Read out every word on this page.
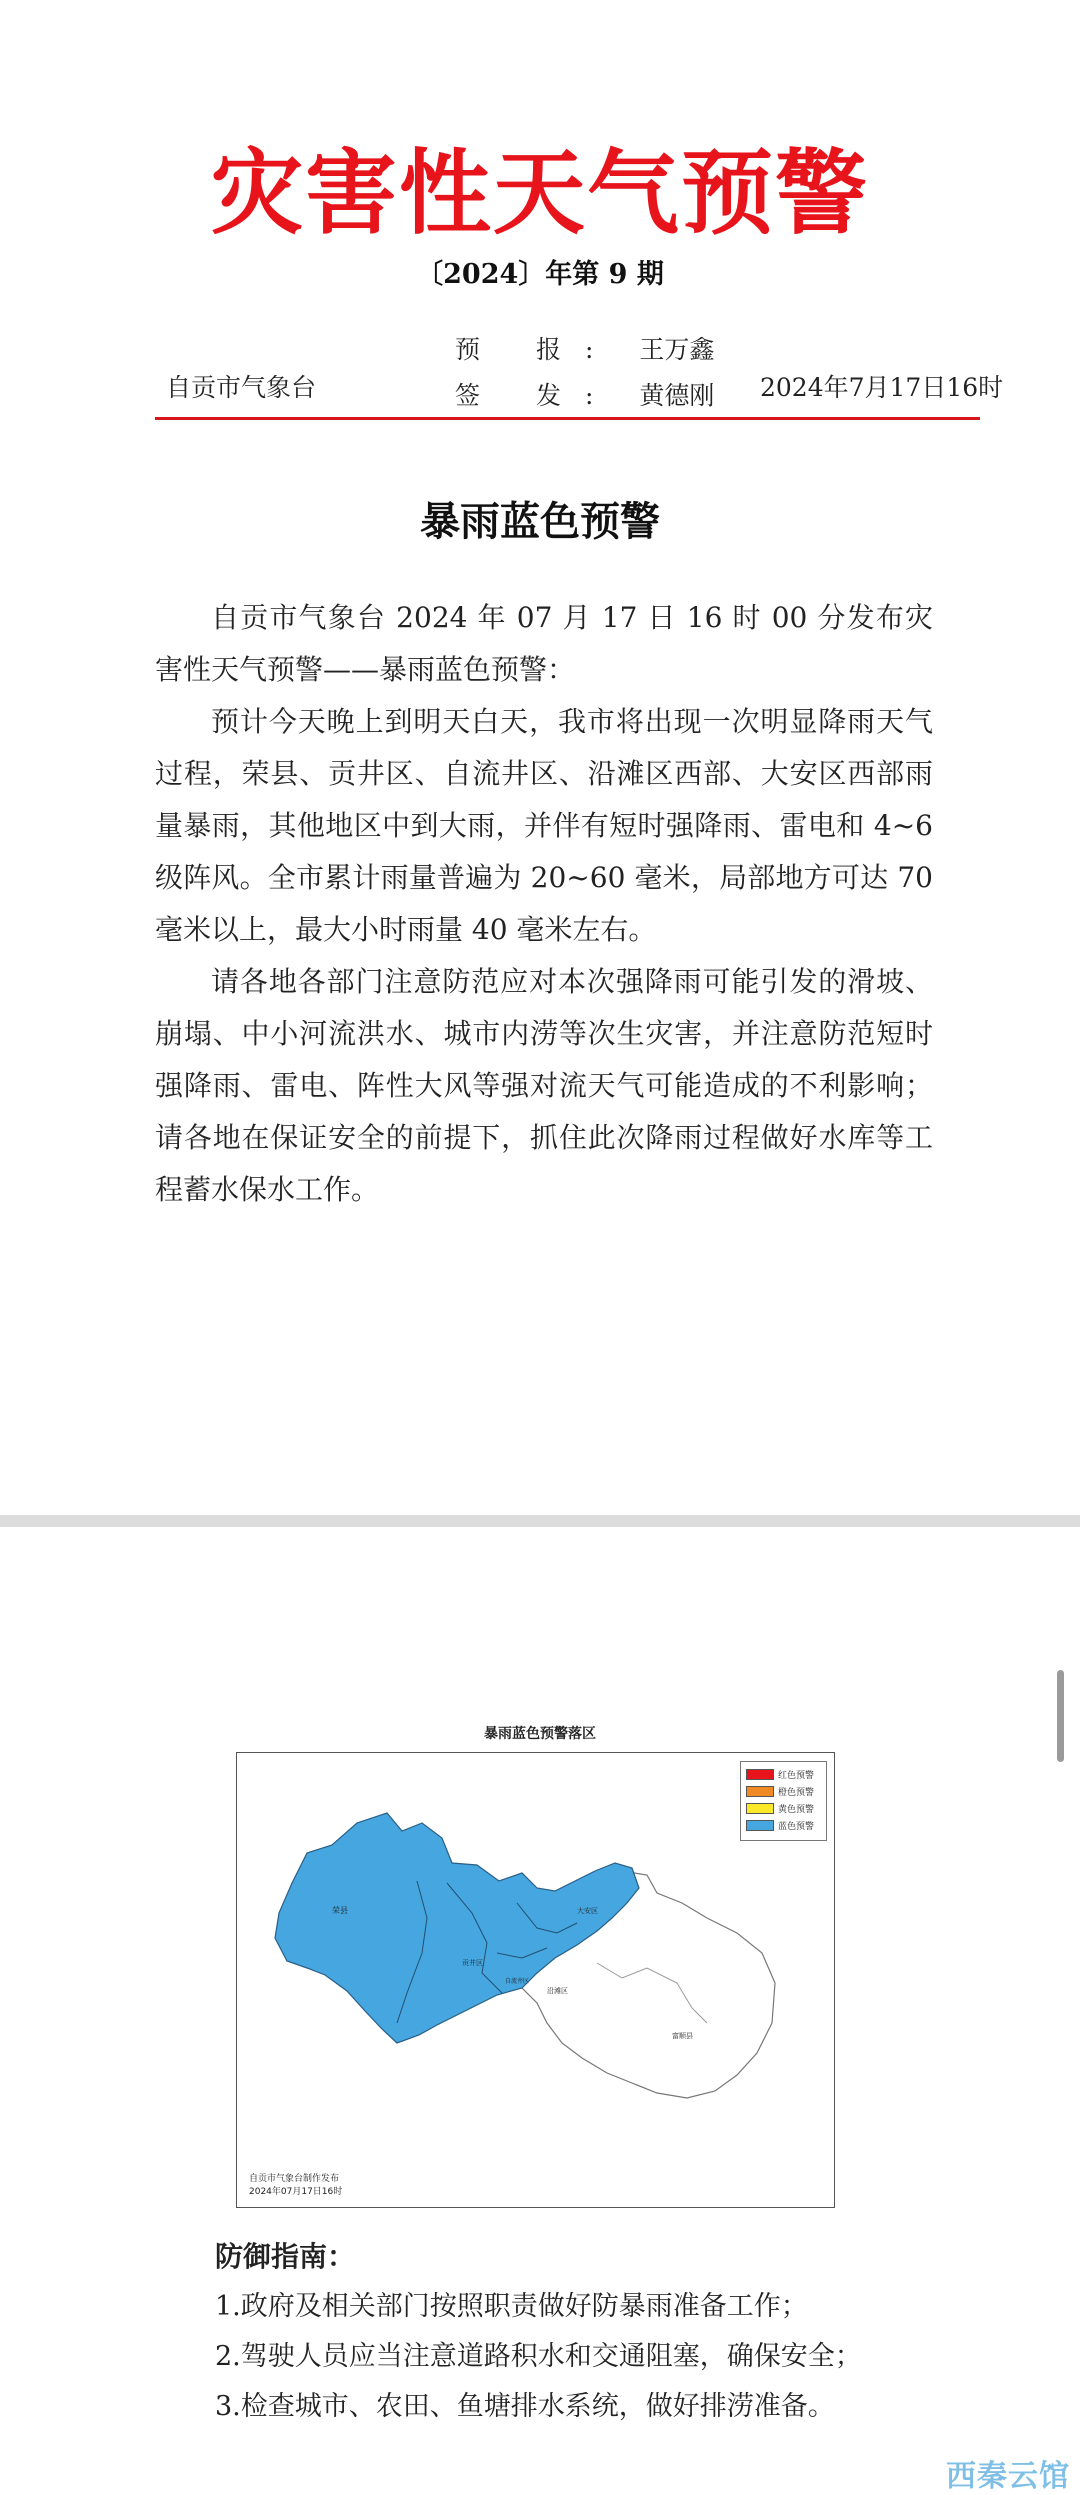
灾害性天气预警
〔2024〕年第 9 期
预 报: 王万鑫
自贡市气象台	签 发: 黄德刚 2024年7月17日16时
暴雨蓝色预警

自贡市气象台 2024 年 07 月 17 日 16 时 00 分发布灾害性天气预警——暴雨蓝色预警：

预计今天晚上到明天白天，我市将出现一次明显降雨天气过程，荣县、贡井区、自流井区、沿滩区西部、大安区西部雨量暴雨，其他地区中到大雨，并伴有短时强降雨、雷电和 4~6 级阵风。全市累计雨量普遍为 20~60 毫米，局部地方可达 70 毫米以上，最大小时雨量 40 毫米左右。

请各地各部门注意防范应对本次强降雨可能引发的滑坡、崩塌、中小河流洪水、城市内涝等次生灾害，并注意防范短时强降雨、雷电、阵性大风等强对流天气可能造成的不利影响；请各地在保证安全的前提下，抓住此次降雨过程做好水库等工程蓄水保水工作。

暴雨蓝色预警落区
荣县
贡井区
自流井区
大安区
沿滩区
富顺县
红色预警
橙色预警
黄色预警
蓝色预警
自贡市气象台制作发布
2024年07月17日16时
防御指南：
1.政府及相关部门按照职责做好防暴雨准备工作；
2.驾驶人员应当注意道路积水和交通阻塞，确保安全；
3.检查城市、农田、鱼塘排水系统，做好排涝准备。
西秦云馆
